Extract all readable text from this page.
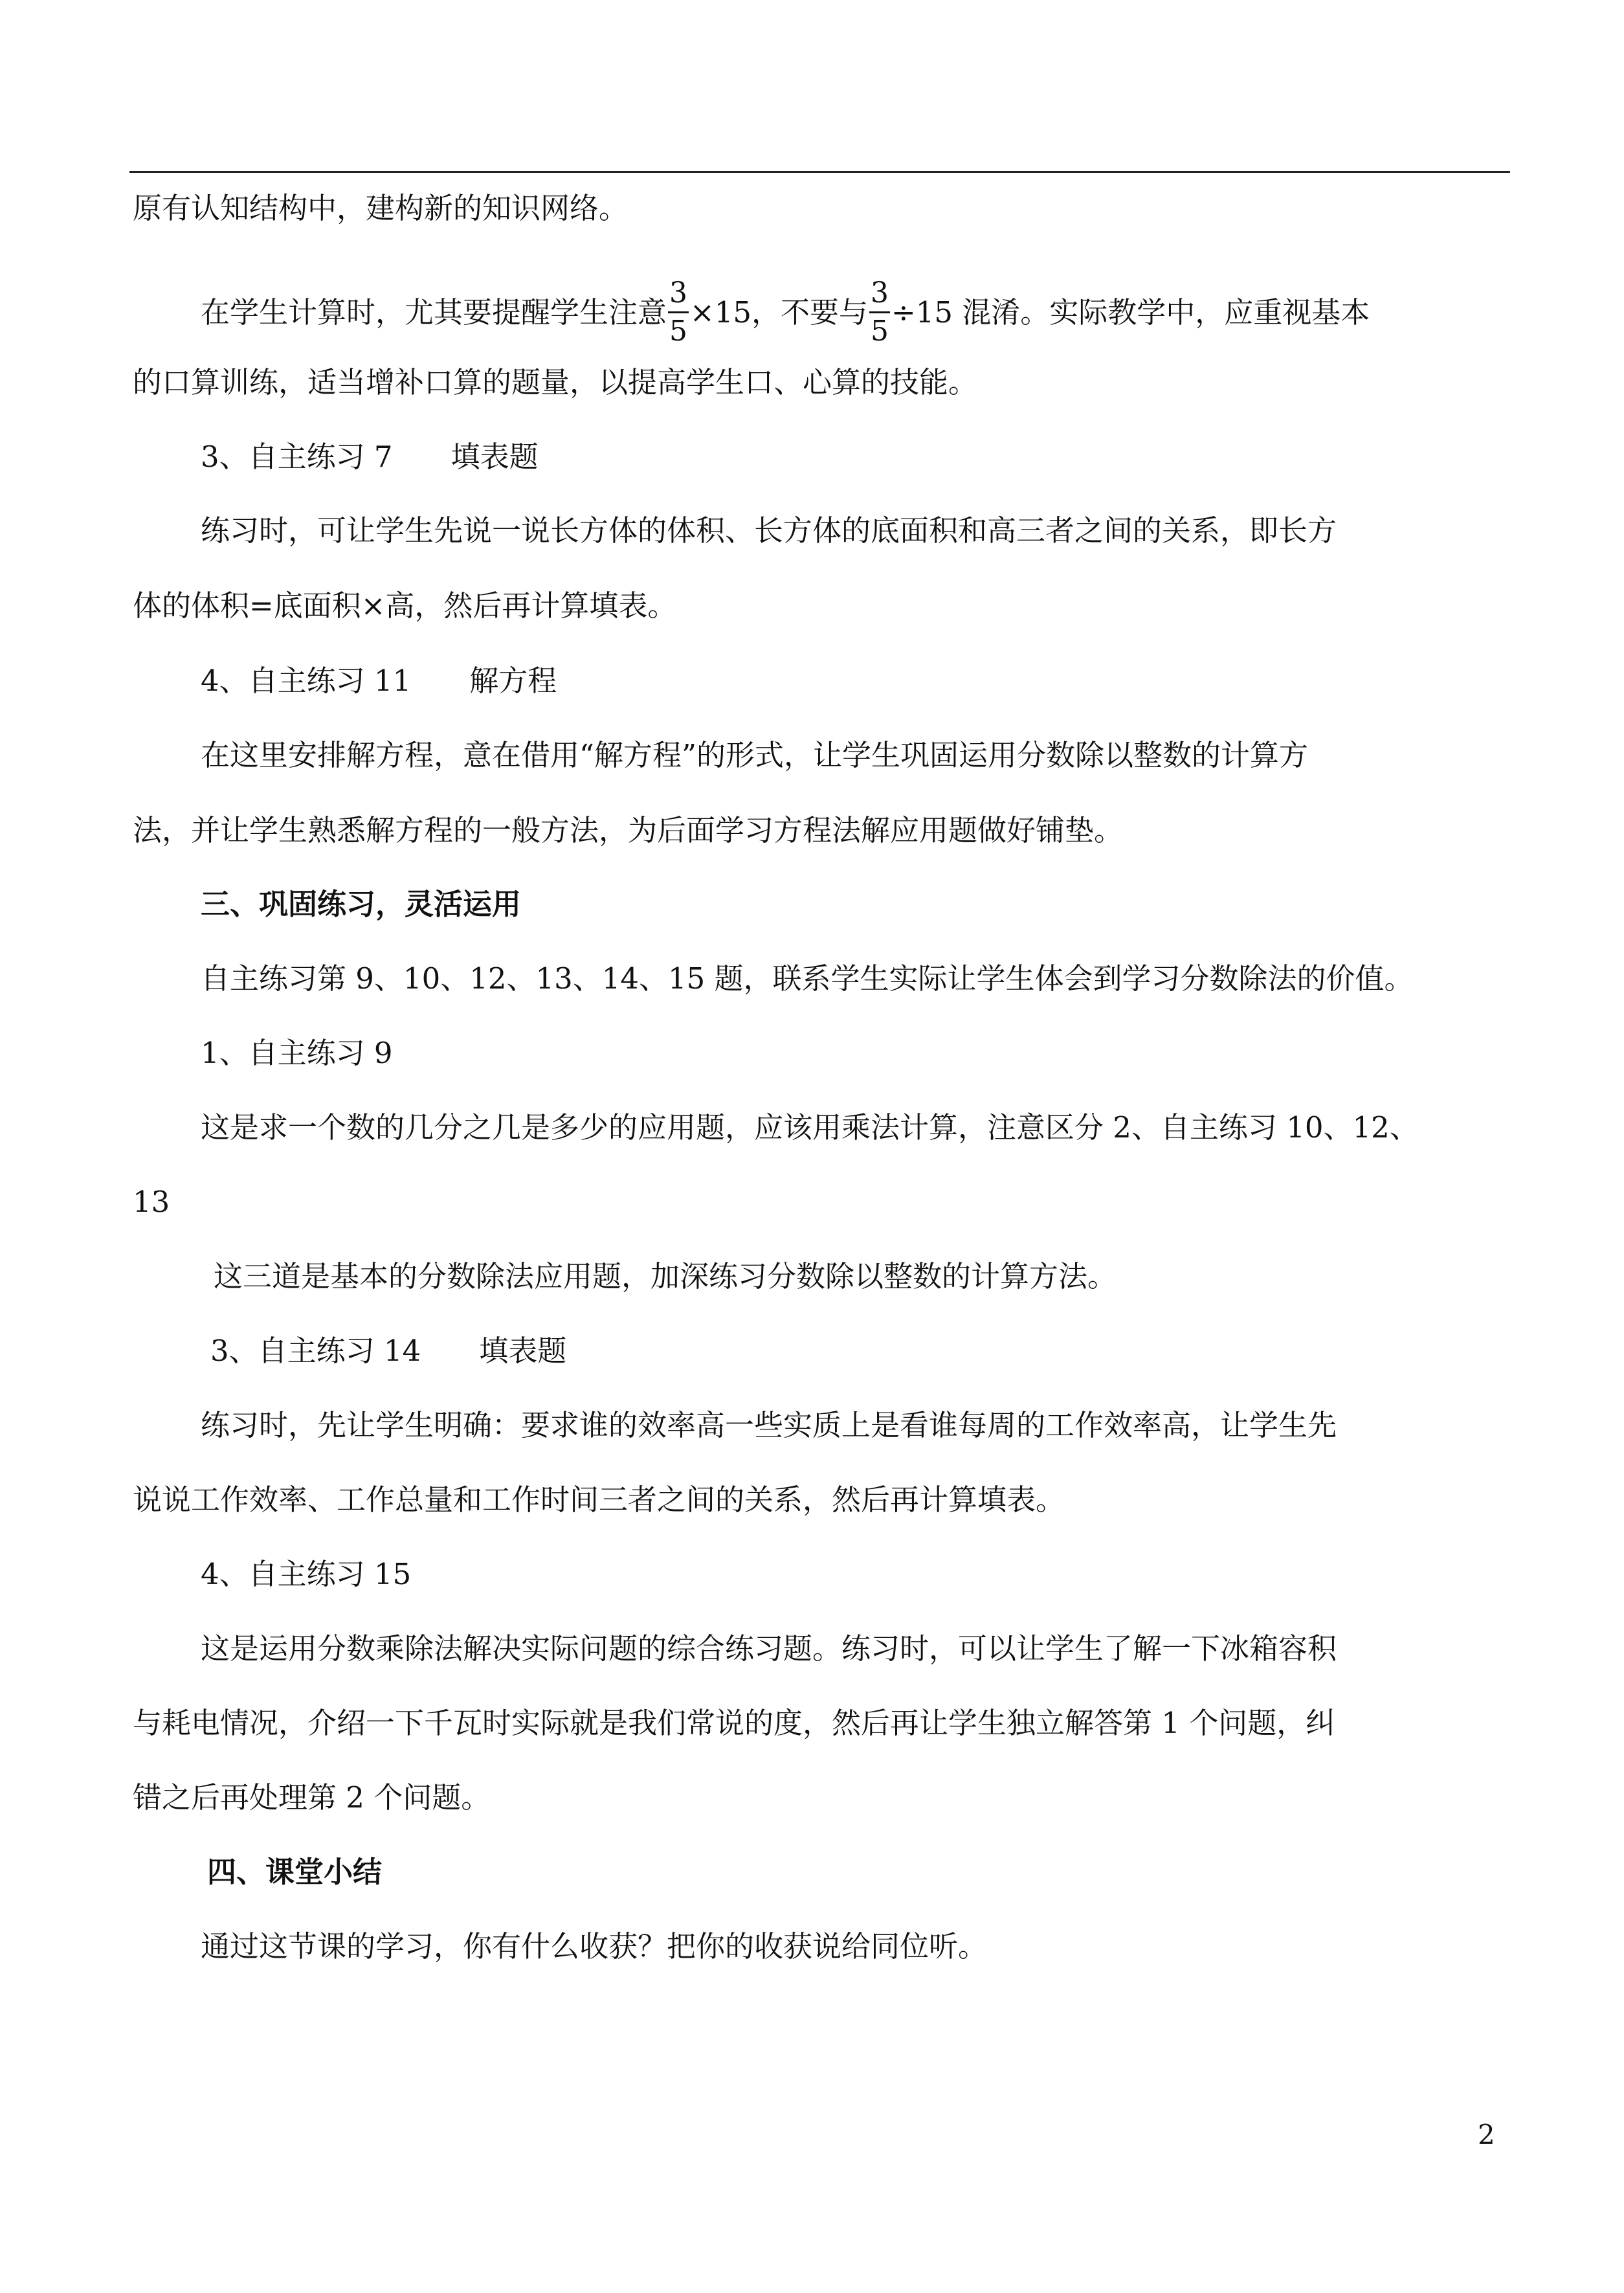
原有认知结构中，建构新的知识网络。
在学生计算时，尤其要提醒学生注意 $\frac{3}{5} \times 15$，不要与 $\frac{3}{5} \div 15$ 混淆。实际教学中，应重视基本
的口算训练，适当增补口算的题量，以提高学生口、心算的技能。
3、自主练习 7　　填表题
练习时，可让学生先说一说长方体的体积、长方体的底面积和高三者之间的关系，即长方
体的体积=底面积×高，然后再计算填表。
4、自主练习 11　　解方程
在这里安排解方程，意在借用“解方程”的形式，让学生巩固运用分数除以整数的计算方
法，并让学生熟悉解方程的一般方法，为后面学习方程法解应用题做好铺垫。
三、巩固练习，灵活运用
自主练习第 9、10、12、13、14、15 题，联系学生实际让学生体会到学习分数除法的价值。
1、自主练习 9
这是求一个数的几分之几是多少的应用题，应该用乘法计算，注意区分 2、自主练习 10、12、
13
这三道是基本的分数除法应用题，加深练习分数除以整数的计算方法。
3、自主练习 14　　填表题
练习时，先让学生明确：要求谁的效率高一些实质上是看谁每周的工作效率高，让学生先
说说工作效率、工作总量和工作时间三者之间的关系，然后再计算填表。
4、自主练习 15
这是运用分数乘除法解决实际问题的综合练习题。练习时，可以让学生了解一下冰箱容积
与耗电情况，介绍一下千瓦时实际就是我们常说的度，然后再让学生独立解答第 1 个问题，纠
错之后再处理第 2 个问题。
四、课堂小结
通过这节课的学习，你有什么收获？把你的收获说给同位听。
2
